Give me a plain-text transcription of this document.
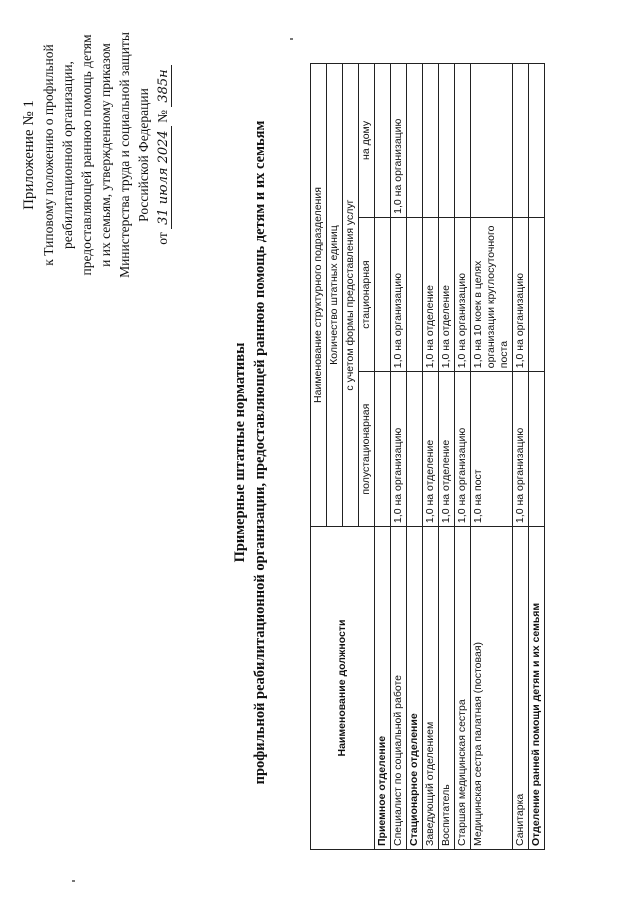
Приложение № 1 к Типовому положению о профильной реабилитационной организации, предоставляющей раннюю помощь детям и их семьям, утвержденному приказом Министерства труда и социальной защиты Российской Федерации
от 31 июля 2024 № 385н
Примерные штатные нормативы профильной реабилитационной организации, предоставляющей раннюю помощь детям и их семьям	Наименование должности	Наименование структурного подразделения		
	Количество штатных единиц		
	с учетом формы предоставления услуг		
	полустационарная	стационарная	на дому
Приемное отделение			
Специалист по социальной работе	1,0 на организацию	1,0 на организацию	1,0 на организацию
Стационарное отделение			
Заведующий отделением	1,0 на отделение	1,0 на отделение	
Воспитатель	1,0 на отделение	1,0 на отделение	
Старшая медицинская сестра	1,0 на организацию	1,0 на организацию	
Медицинская сестра палатная (постовая)	1,0 на пост	1,0 на 10 коек в целях организации круглосуточного поста	
Санитарка	1,0 на организацию	1,0 на организацию	
Отделение ранней помощи детям и их семьям			
